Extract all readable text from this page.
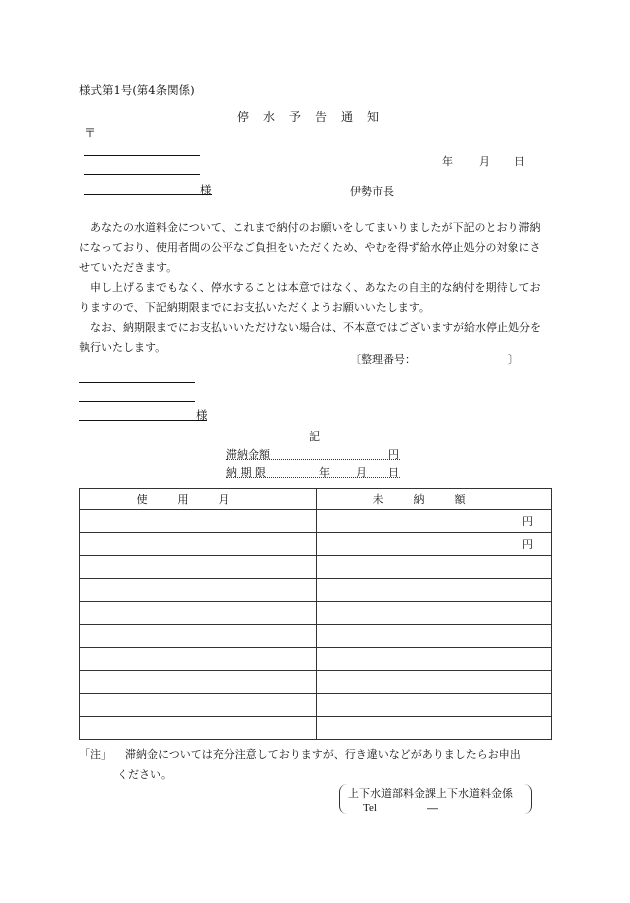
様式第1号(第4条関係)
停水予告通知
〒
様
年 月 日
伊勢市長

あなたの水道料金について、これまで納付のお願いをしてまいりましたが下記のとおり滞納になっており、使用者間の公平なご負担をいただくため、やむを得ず給水停止処分の対象にさせていただきます。

申し上げるまでもなく、停水することは本意ではなく、あなたの自主的な納付を期待しておりますので、下記納期限までにお支払いただくようお願いいたします。

なお、納期限までにお支払いいただけない場合は、不本意ではございますが給水停止処分を執行いたします。

〔整理番号：	〕
様
記
滞納金額	円
納 期 限	年 月 日
使用月	未納額
	円
	円

「注」 滞納金については充分注意しておりますが、行き違いなどがありましたらお申出
ください。
上下水道部料金課上下水道料金係
Tel	―
